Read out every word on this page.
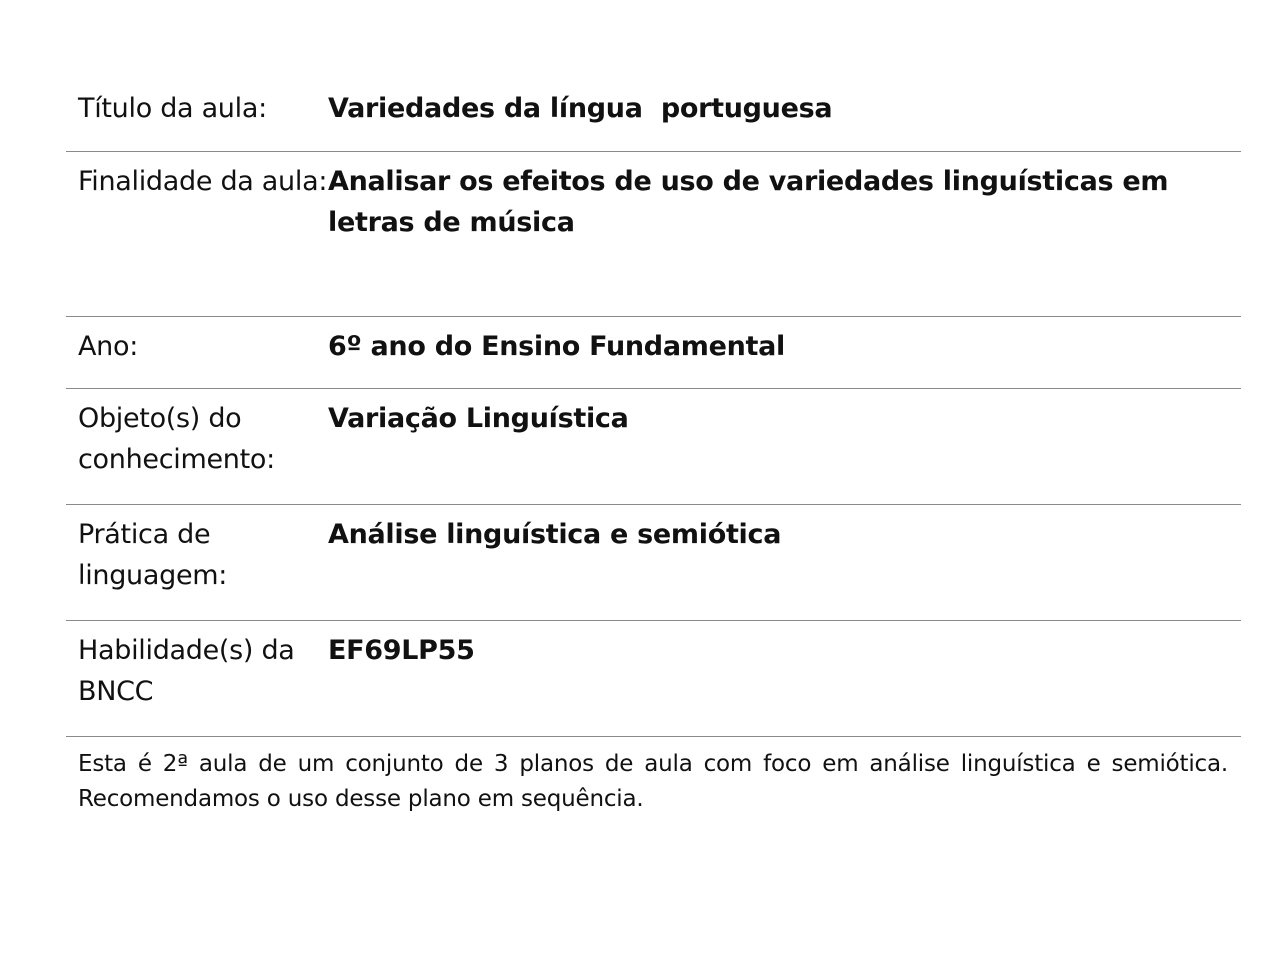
Título da aula:	Variedades da língua  portuguesa
Finalidade da aula: Analisar os efeitos de uso de variedades linguísticas em letras de música
Ano:	6º ano do Ensino Fundamental
Objeto(s) do conhecimento:
Variação Linguística
Prática de linguagem:
Análise linguística e semiótica
Habilidade(s) da BNCC
EF69LP55
Esta é 2ª aula de um conjunto de 3 planos de aula com foco em análise linguística e semiótica. Recomendamos o uso desse plano em sequência.
